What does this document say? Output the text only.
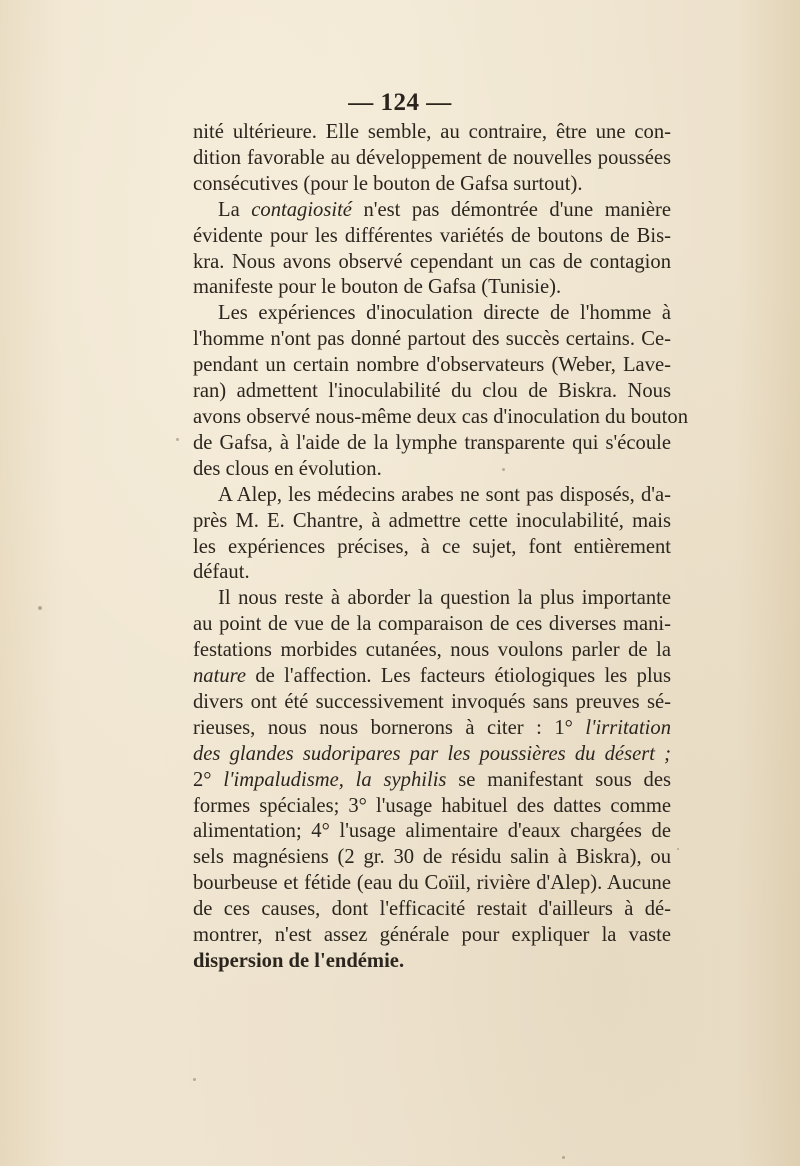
— 124 —

nité ultérieure. Elle semble, au contraire, être une con-
dition favorable au développement de nouvelles poussées
consécutives (pour le bouton de Gafsa surtout).

La contagiosité n'est pas démontrée d'une manière
évidente pour les différentes variétés de boutons de Bis-
kra. Nous avons observé cependant un cas de contagion
manifeste pour le bouton de Gafsa (Tunisie).

Les expériences d'inoculation directe de l'homme à
l'homme n'ont pas donné partout des succès certains. Ce-
pendant un certain nombre d'observateurs (Weber, Lave-
ran) admettent l'inoculabilité du clou de Biskra. Nous
avons observé nous-même deux cas d'inoculation du bouton
de Gafsa, à l'aide de la lymphe transparente qui s'écoule
des clous en évolution.

A Alep, les médecins arabes ne sont pas disposés, d'a-
près M. E. Chantre, à admettre cette inoculabilité, mais
les expériences précises, à ce sujet, font entièrement
défaut.

Il nous reste à aborder la question la plus importante
au point de vue de la comparaison de ces diverses mani-
festations morbides cutanées, nous voulons parler de la
nature de l'affection. Les facteurs étiologiques les plus
divers ont été successivement invoqués sans preuves sé-
rieuses, nous nous bornerons à citer : 1° l'irritation
des glandes sudoripares par les poussières du désert ;
2° l'impaludisme, la syphilis se manifestant sous des
formes spéciales; 3° l'usage habituel des dattes comme
alimentation; 4° l'usage alimentaire d'eaux chargées de
sels magnésiens (2 gr. 30 de résidu salin à Biskra), ou
bourbeuse et fétide (eau du Coïil, rivière d'Alep). Aucune
de ces causes, dont l'efficacité restait d'ailleurs à dé-
montrer, n'est assez générale pour expliquer la vaste
dispersion de l'endémie.
